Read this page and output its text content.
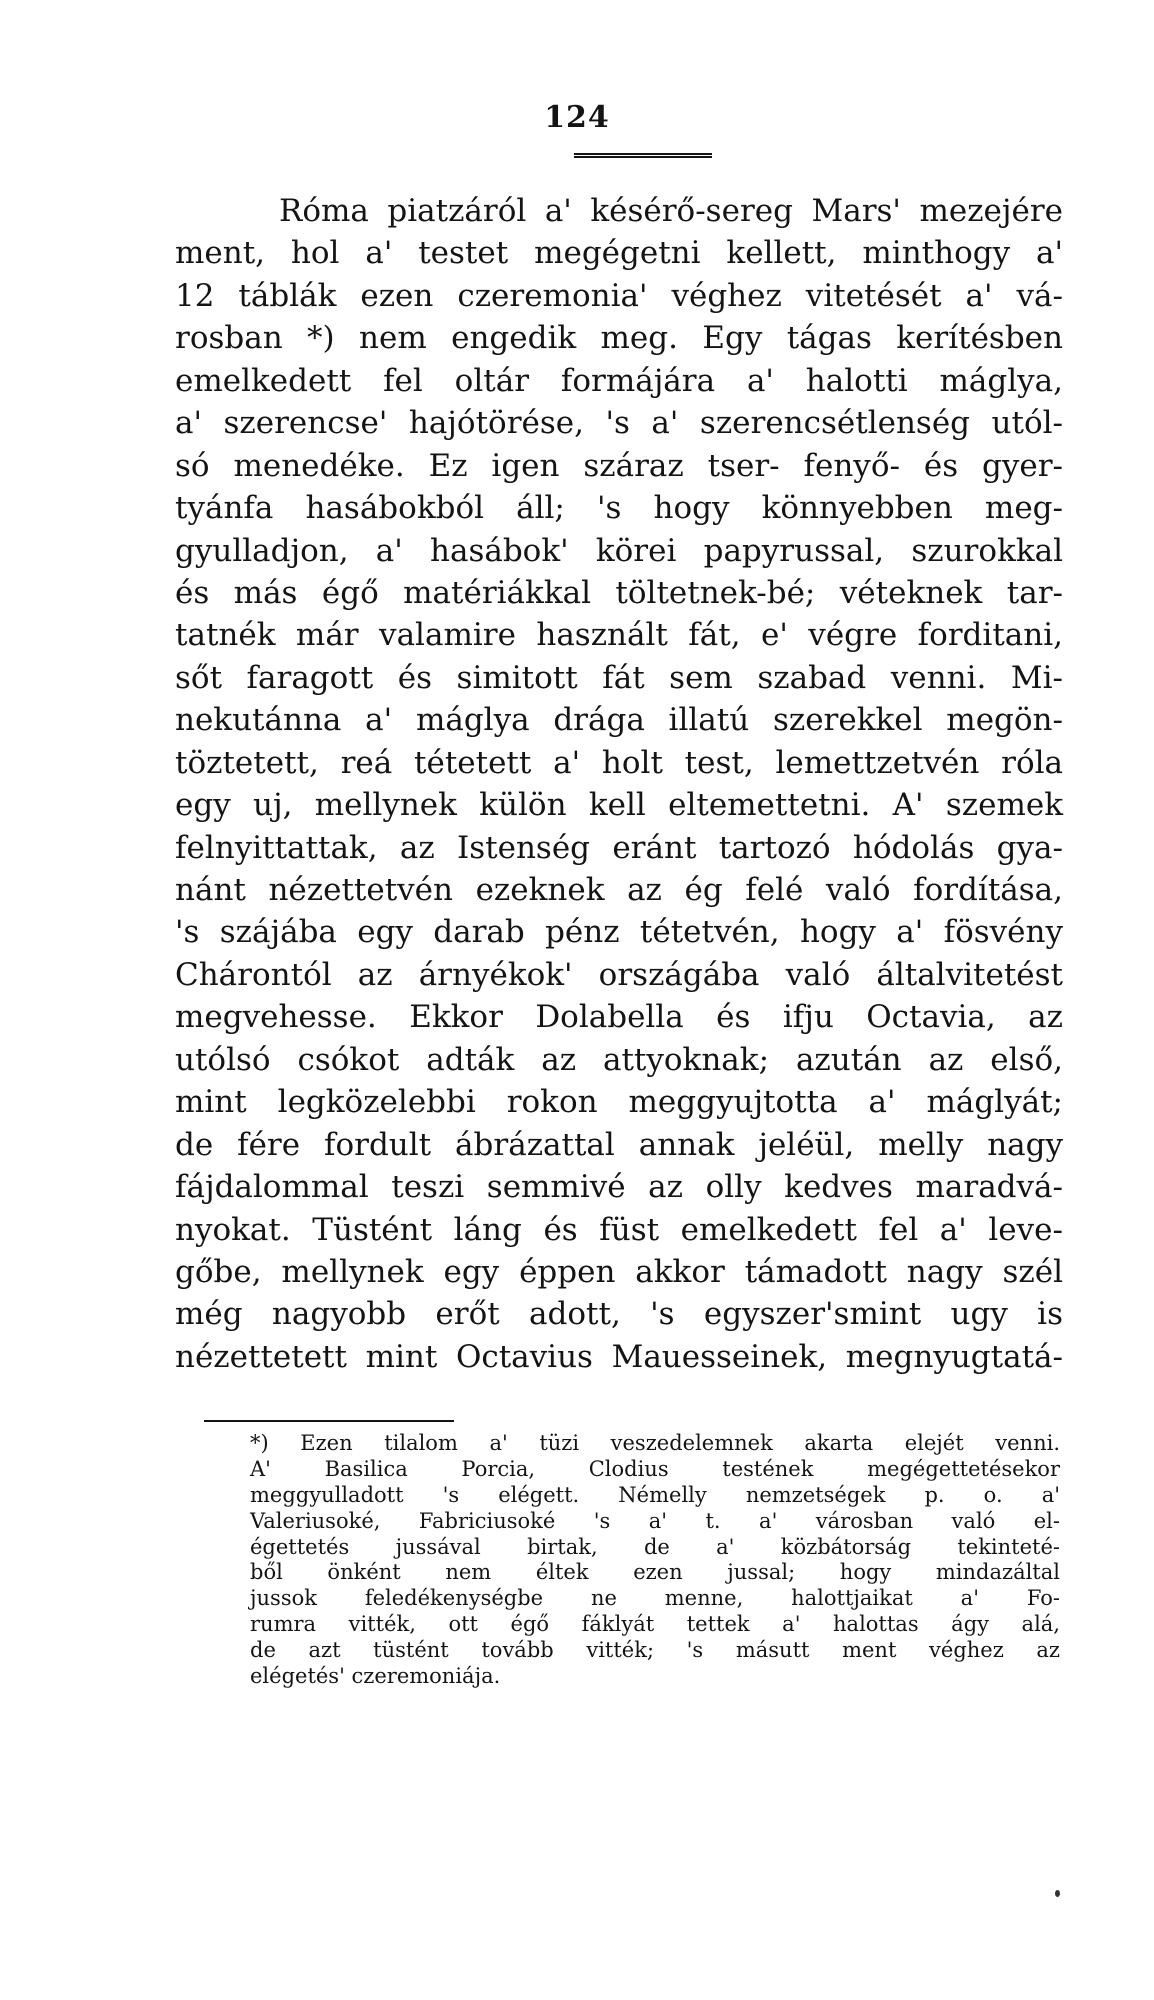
124
Róma piatzáról a' késérő-sereg Mars' mezejére
ment, hol a' testet megégetni kellett, minthogy a'
12 táblák ezen czeremonia' véghez vitetését a' vá-
rosban *) nem engedik meg. Egy tágas kerítésben
emelkedett fel oltár formájára a' halotti máglya,
a' szerencse' hajótörése, 's a' szerencsétlenség utól-
só menedéke. Ez igen száraz tser- fenyő- és gyer-
tyánfa hasábokból áll; 's hogy könnyebben meg-
gyulladjon, a' hasábok' körei papyrussal, szurokkal
és más égő matériákkal töltetnek-bé; véteknek tar-
tatnék már valamire használt fát, e' végre forditani,
sőt faragott és simitott fát sem szabad venni. Mi-
nekutánna a' máglya drága illatú szerekkel megön-
töztetett, reá tétetett a' holt test, lemettzetvén róla
egy uj, mellynek külön kell eltemettetni. A' szemek
felnyittattak, az Istenség eránt tartozó hódolás gya-
nánt nézettetvén ezeknek az ég felé való fordítása,
's szájába egy darab pénz tétetvén, hogy a' fösvény
Chárontól az árnyékok' országába való általvitetést
megvehesse. Ekkor Dolabella és ifju Octavia, az
utólsó csókot adták az attyoknak; azután az első,
mint legközelebbi rokon meggyujtotta a' máglyát;
de fére fordult ábrázattal annak jeléül, melly nagy
fájdalommal teszi semmivé az olly kedves maradvá-
nyokat. Tüstént láng és füst emelkedett fel a' leve-
gőbe, mellynek egy éppen akkor támadott nagy szél
még nagyobb erőt adott, 's egyszer'smint ugy is
nézettetett mint Octavius Mauesseinek, megnyugtatá-
*) Ezen tilalom a' tüzi veszedelemnek akarta elejét venni.
A' Basilica Porcia, Clodius testének megégettetésekor
meggyulladott 's elégett. Némelly nemzetségek p. o. a'
Valeriusoké, Fabriciusoké 's a' t. a' városban való el-
égettetés jussával birtak, de a' közbátorság tekinteté-
ből önként nem éltek ezen jussal; hogy mindazáltal
jussok feledékenységbe ne menne, halottjaikat a' Fo-
rumra vitték, ott égő fáklyát tettek a' halottas ágy alá,
de azt tüstént tovább vitték; 's másutt ment véghez az
elégetés' czeremoniája.
